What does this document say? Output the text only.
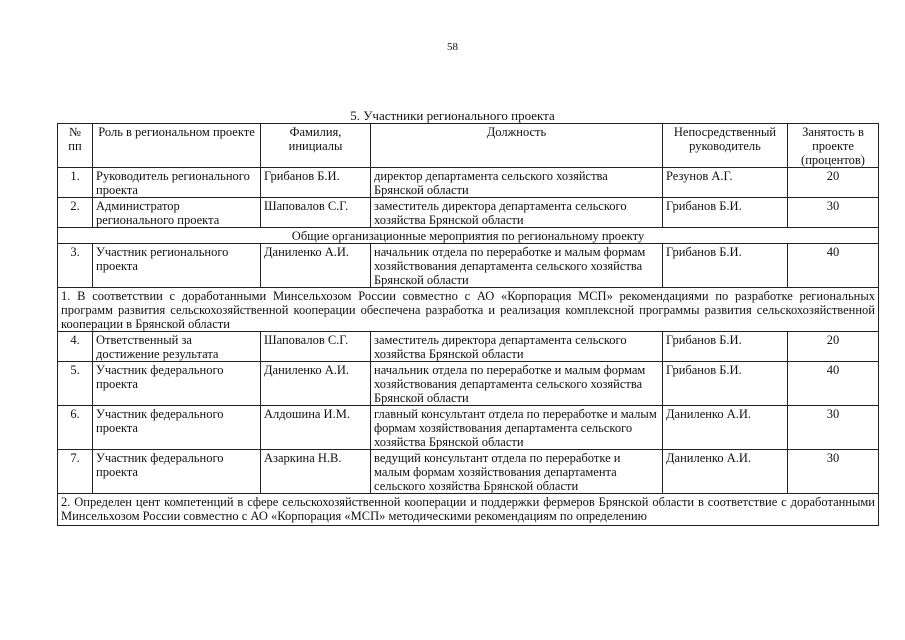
58
5. Участники регионального проекта
№ пп	Роль в региональном проекте	Фамилия, инициалы	Должность	Непосредственный руководитель	Занятость в проекте (процентов)
1.	Руководитель регионального проекта	Грибанов Б.И.	директор департамента сельского хозяйства Брянской области	Резунов А.Г.	20
2.	Администратор регионального проекта	Шаповалов С.Г.	заместитель директора департамента сельского хозяйства Брянской области	Грибанов Б.И.	30
Общие организационные мероприятия по региональному проекту					
3.	Участник регионального проекта	Даниленко А.И.	начальник отдела по переработке и малым формам хозяйствования департамента сельского хозяйства Брянской области	Грибанов Б.И.	40
1. В соответствии с доработанными Минсельхозом России совместно с АО «Корпорация МСП» рекомендациями по разработке региональных программ развития сельскохозяйственной кооперации обеспечена разработка и реализация комплексной программы развития сельскохозяйственной кооперации в Брянской области					
4.	Ответственный за достижение результата	Шаповалов С.Г.	заместитель директора департамента сельского хозяйства Брянской области	Грибанов Б.И.	20
5.	Участник федерального проекта	Даниленко А.И.	начальник отдела по переработке и малым формам хозяйствования департамента сельского хозяйства Брянской области	Грибанов Б.И.	40
6.	Участник федерального проекта	Алдошина И.М.	главный консультант отдела по переработке и малым формам хозяйствования департамента сельского хозяйства Брянской области	Даниленко А.И.	30
7.	Участник федерального проекта	Азаркина Н.В.	ведущий консультант отдела по переработке и малым формам хозяйствования департамента сельского хозяйства Брянской области	Даниленко А.И.	30
2. Определен цент компетенций в сфере сельскохозяйственной кооперации и поддержки фермеров Брянской области в соответствие с доработанными Минсельхозом России совместно с АО «Корпорация «МСП» методическими рекомендациям по определению					
